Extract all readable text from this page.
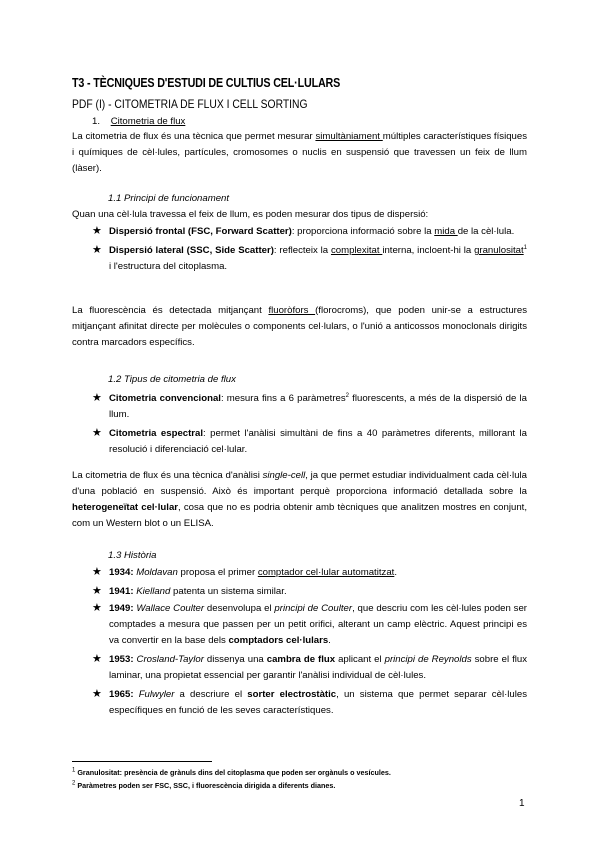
T3 - TÈCNIQUES D'ESTUDI DE CULTIUS CEL·LULARS
PDF (I) - CITOMETRIA DE FLUX I CELL SORTING
1. Citometria de flux
La citometria de flux és una tècnica que permet mesurar simultàniament múltiples característiques físiques i químiques de cèl·lules, partícules, cromosomes o nuclis en suspensió que travessen un feix de llum (làser).
1.1 Principi de funcionament
Quan una cèl·lula travessa el feix de llum, es poden mesurar dos tipus de dispersió:
★ Dispersió frontal (FSC, Forward Scatter): proporciona informació sobre la mida de la cèl·lula.
★ Dispersió lateral (SSC, Side Scatter): reflecteix la complexitat interna, incloent-hi la granulositat$^1$ i l'estructura del citoplasma.
La fluorescència és detectada mitjançant fluoròfors (florocroms), que poden unir-se a estructures mitjançant afinitat directe per molècules o components cel·lulars, o l'unió a anticossos monoclonals dirigits contra marcadors específics.
1.2 Tipus de citometria de flux
★ Citometria convencional: mesura fins a 6 paràmetres$^2$ fluorescents, a més de la dispersió de la llum.
★ Citometria espectral: permet l'anàlisi simultàni de fins a 40 paràmetres diferents, millorant la resolució i diferenciació cel·lular.
La citometria de flux és una tècnica d'anàlisi single-cell, ja que permet estudiar individualment cada cèl·lula d'una població en suspensió. Això és important perquè proporciona informació detallada sobre la heterogeneïtat cel·lular, cosa que no es podria obtenir amb tècniques que analitzen mostres en conjunt, com un Western blot o un ELISA.
1.3 Història
★ 1934: Moldavan proposa el primer comptador cel·lular automatitzat.
★ 1941: Kielland patenta un sistema similar.
★ 1949: Wallace Coulter desenvolupa el principi de Coulter, que descriu com les cèl·lules poden ser comptades a mesura que passen per un petit orifici, alterant un camp elèctric. Aquest principi es va convertir en la base dels comptadors cel·lulars.
★ 1953: Crosland-Taylor dissenya una cambra de flux aplicant el principi de Reynolds sobre el flux laminar, una propietat essencial per garantir l'anàlisi individual de cèl·lules.
★ 1965: Fulwyler a descriure el sorter electrostàtic, un sistema que permet separar cèl·lules específiques en funció de les seves característiques.
$^1$ Granulositat: presència de grànuls dins del citoplasma que poden ser orgànuls o vesícules.
$^2$ Paràmetres poden ser FSC, SSC, i fluorescència dirigida a diferents dianes.
1
